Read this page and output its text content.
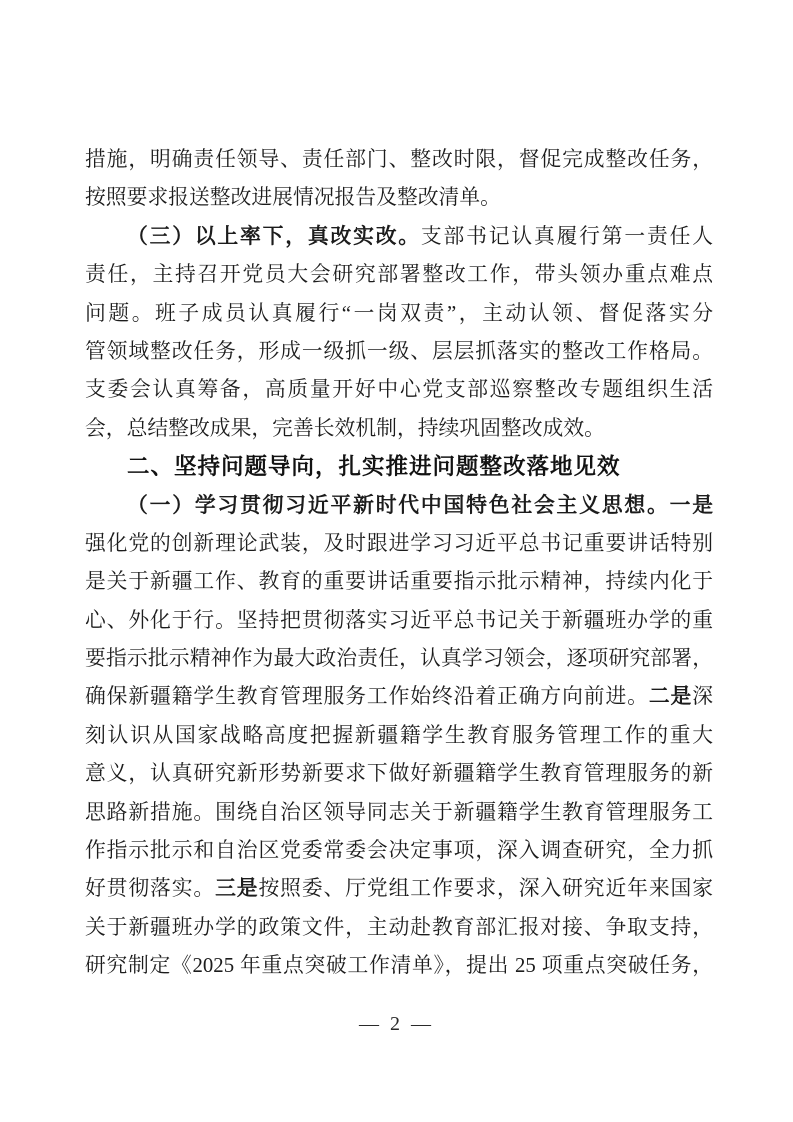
措施，明确责任领导、责任部门、整改时限，督促完成整改任务，
按照要求报送整改进展情况报告及整改清单。
（三）以上率下，真改实改。支部书记认真履行第一责任人
责任，主持召开党员大会研究部署整改工作，带头领办重点难点
问题。班子成员认真履行“一岗双责”，主动认领、督促落实分
管领域整改任务，形成一级抓一级、层层抓落实的整改工作格局。
支委会认真筹备，高质量开好中心党支部巡察整改专题组织生活
会，总结整改成果，完善长效机制，持续巩固整改成效。
二、坚持问题导向，扎实推进问题整改落地见效
（一）学习贯彻习近平新时代中国特色社会主义思想。一是
强化党的创新理论武装，及时跟进学习习近平总书记重要讲话特别
是关于新疆工作、教育的重要讲话重要指示批示精神，持续内化于
心、外化于行。坚持把贯彻落实习近平总书记关于新疆班办学的重
要指示批示精神作为最大政治责任，认真学习领会，逐项研究部署，
确保新疆籍学生教育管理服务工作始终沿着正确方向前进。二是深
刻认识从国家战略高度把握新疆籍学生教育服务管理工作的重大
意义，认真研究新形势新要求下做好新疆籍学生教育管理服务的新
思路新措施。围绕自治区领导同志关于新疆籍学生教育管理服务工
作指示批示和自治区党委常委会决定事项，深入调查研究，全力抓
好贯彻落实。三是按照委、厅党组工作要求，深入研究近年来国家
关于新疆班办学的政策文件，主动赴教育部汇报对接、争取支持，
研究制定《2025 年重点突破工作清单》，提出 25 项重点突破任务，
— 2 —
